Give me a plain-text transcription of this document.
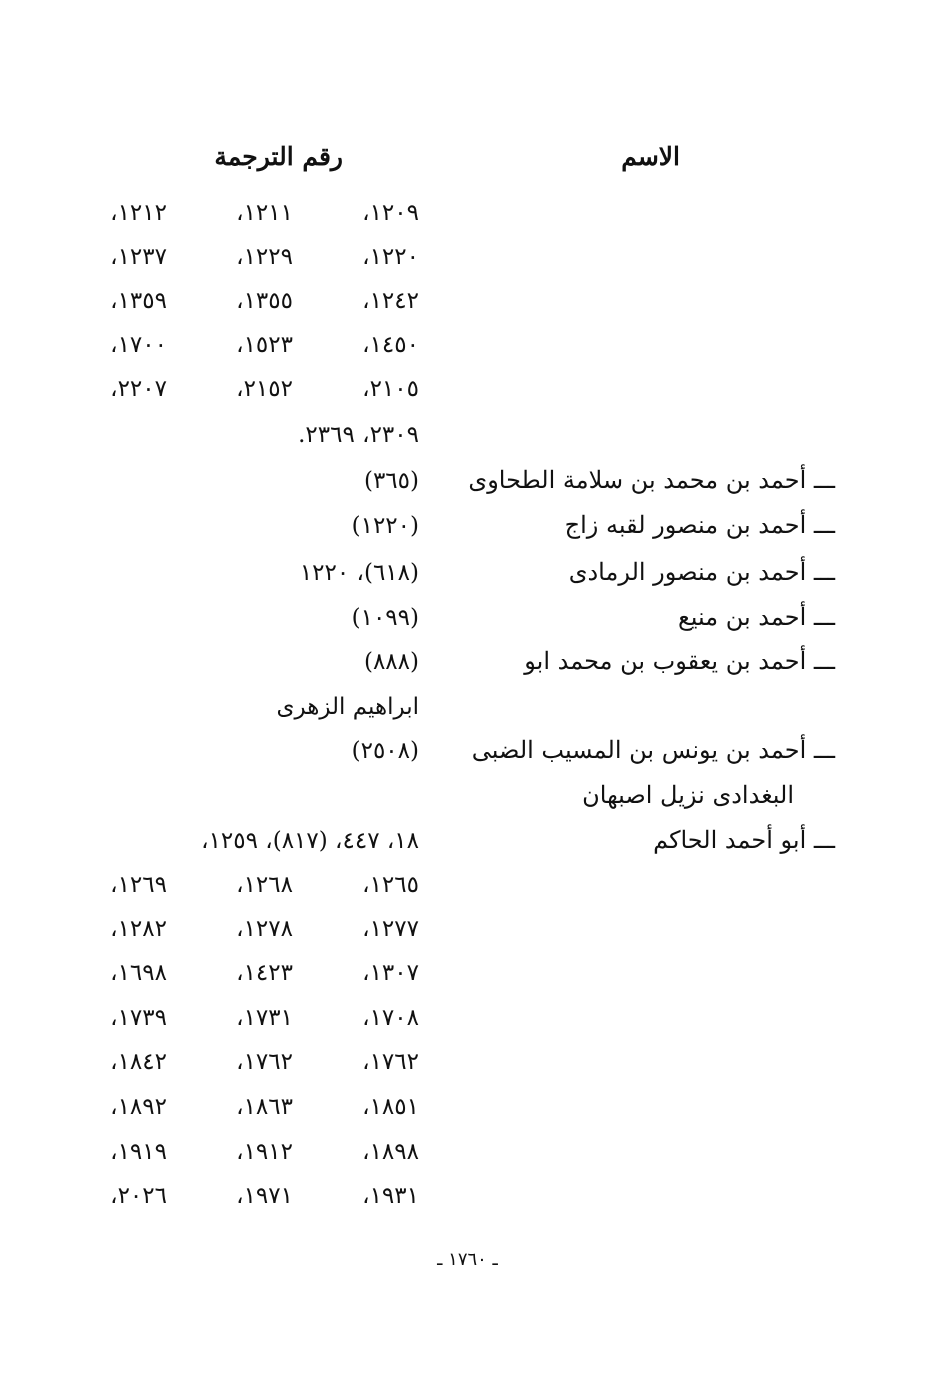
الاسم
رقم الترجمة
١٢٠٩،
١٢١١،
١٢١٢،
١٢٢٠،
١٢٢٩،
١٢٣٧،
١٢٤٢،
١٣٥٥،
١٣٥٩،
١٤٥٠،
١٥٢٣،
١٧٠٠،
٢١٠٥،
٢١٥٢،
٢٢٠٧،
٢٣٠٩، ٢٣٦٩.
ـــ أحمد بن محمد بن سلامة الطحاوى
(٣٦٥)
ـــ أحمد بن منصور لقبه زاج
(١٢٢٠)
ـــ أحمد بن منصور الرمادى
(٦١٨)، ١٢٢٠
ـــ أحمد بن منيع
(١٠٩٩)
ـــ أحمد بن يعقوب بن محمد ابو
(٨٨٨)
ابراهيم الزهرى
ـــ أحمد بن يونس بن المسيب الضبى
(٢٥٠٨)
البغدادى نزيل اصبهان
ـــ أبو أحمد الحاكم
١٨، ٤٤٧، (٨١٧)، ١٢٥٩،
١٢٦٥،
١٢٦٨،
١٢٦٩،
١٢٧٧،
١٢٧٨،
١٢٨٢،
١٣٠٧،
١٤٢٣،
١٦٩٨،
١٧٠٨،
١٧٣١،
١٧٣٩،
١٧٦٢،
١٧٦٢،
١٨٤٢،
١٨٥١،
١٨٦٣،
١٨٩٢،
١٨٩٨،
١٩١٢،
١٩١٩،
١٩٣١،
١٩٧١،
٢٠٢٦،
ـ ١٧٦٠ ـ
